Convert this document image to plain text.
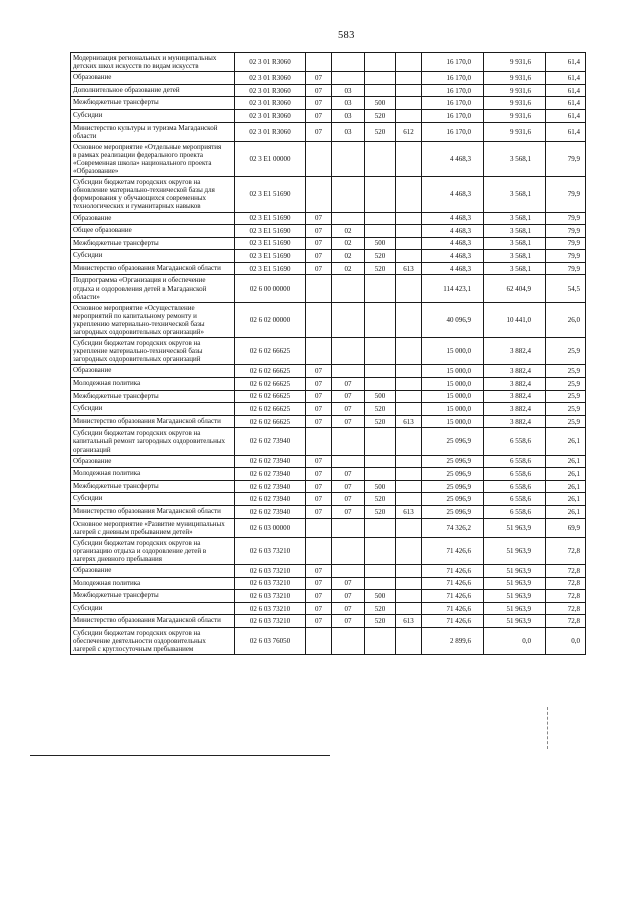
583
Модернизация региональных и муниципальных детских школ искусств по видам искусств	02 3 01 R3060					16 170,0	9 931,6	61,4
Образование	02 3 01 R3060	07				16 170,0	9 931,6	61,4
Дополнительное образование детей	02 3 01 R3060	07	03			16 170,0	9 931,6	61,4
Межбюджетные трансферты	02 3 01 R3060	07	03	500		16 170,0	9 931,6	61,4
Субсидии	02 3 01 R3060	07	03	520		16 170,0	9 931,6	61,4
Министерство культуры и туризма Магаданской области	02 3 01 R3060	07	03	520	612	16 170,0	9 931,6	61,4
Основное мероприятие «Отдельные мероприятия в рамках реализации федерального проекта «Современная школа» национального проекта «Образование»	02 3 E1 00000					4 468,3	3 568,1	79,9
Субсидии бюджетам городских округов на обновление материально-технической базы для формирования у обучающихся современных технологических и гуманитарных навыков	02 3 E1 51690					4 468,3	3 568,1	79,9
Образование	02 3 E1 51690	07				4 468,3	3 568,1	79,9
Общее образование	02 3 E1 51690	07	02			4 468,3	3 568,1	79,9
Межбюджетные трансферты	02 3 E1 51690	07	02	500		4 468,3	3 568,1	79,9
Субсидии	02 3 E1 51690	07	02	520		4 468,3	3 568,1	79,9
Министерство образования Магаданской области	02 3 E1 51690	07	02	520	613	4 468,3	3 568,1	79,9
Подпрограмма «Организация и обеспечение отдыха и оздоровления детей в Магаданской области»	02 6 00 00000					114 423,1	62 404,9	54,5
Основное мероприятие «Осуществление мероприятий по капитальному ремонту и укреплению материально-технической базы загородных оздоровительных организаций»	02 6 02 00000					40 096,9	10 441,0	26,0
Субсидии бюджетам городских округов на укрепление материально-технической базы загородных оздоровительных организаций	02 6 02 66625					15 000,0	3 882,4	25,9
Образование	02 6 02 66625	07				15 000,0	3 882,4	25,9
Молодежная политика	02 6 02 66625	07	07			15 000,0	3 882,4	25,9
Межбюджетные трансферты	02 6 02 66625	07	07	500		15 000,0	3 882,4	25,9
Субсидии	02 6 02 66625	07	07	520		15 000,0	3 882,4	25,9
Министерство образования Магаданской области	02 6 02 66625	07	07	520	613	15 000,0	3 882,4	25,9
Субсидии бюджетам городских округов на капитальный ремонт загородных оздоровительных организаций	02 6 02 73940					25 096,9	6 558,6	26,1
Образование	02 6 02 73940	07				25 096,9	6 558,6	26,1
Молодежная политика	02 6 02 73940	07	07			25 096,9	6 558,6	26,1
Межбюджетные трансферты	02 6 02 73940	07	07	500		25 096,9	6 558,6	26,1
Субсидии	02 6 02 73940	07	07	520		25 096,9	6 558,6	26,1
Министерство образования Магаданской области	02 6 02 73940	07	07	520	613	25 096,9	6 558,6	26,1
Основное мероприятие «Развитие муниципальных лагерей с дневным пребыванием детей»	02 6 03 00000					74 326,2	51 963,9	69,9
Субсидии бюджетам городских округов на организацию отдыха и оздоровление детей в лагерях дневного пребывания	02 6 03 73210					71 426,6	51 963,9	72,8
Образование	02 6 03 73210	07				71 426,6	51 963,9	72,8
Молодежная политика	02 6 03 73210	07	07			71 426,6	51 963,9	72,8
Межбюджетные трансферты	02 6 03 73210	07	07	500		71 426,6	51 963,9	72,8
Субсидии	02 6 03 73210	07	07	520		71 426,6	51 963,9	72,8
Министерство образования Магаданской области	02 6 03 73210	07	07	520	613	71 426,6	51 963,9	72,8
Субсидии бюджетам городских округов на обеспечение деятельности оздоровительных лагерей с круглосуточным пребыванием	02 6 03 76050					2 899,6	0,0	0,0
